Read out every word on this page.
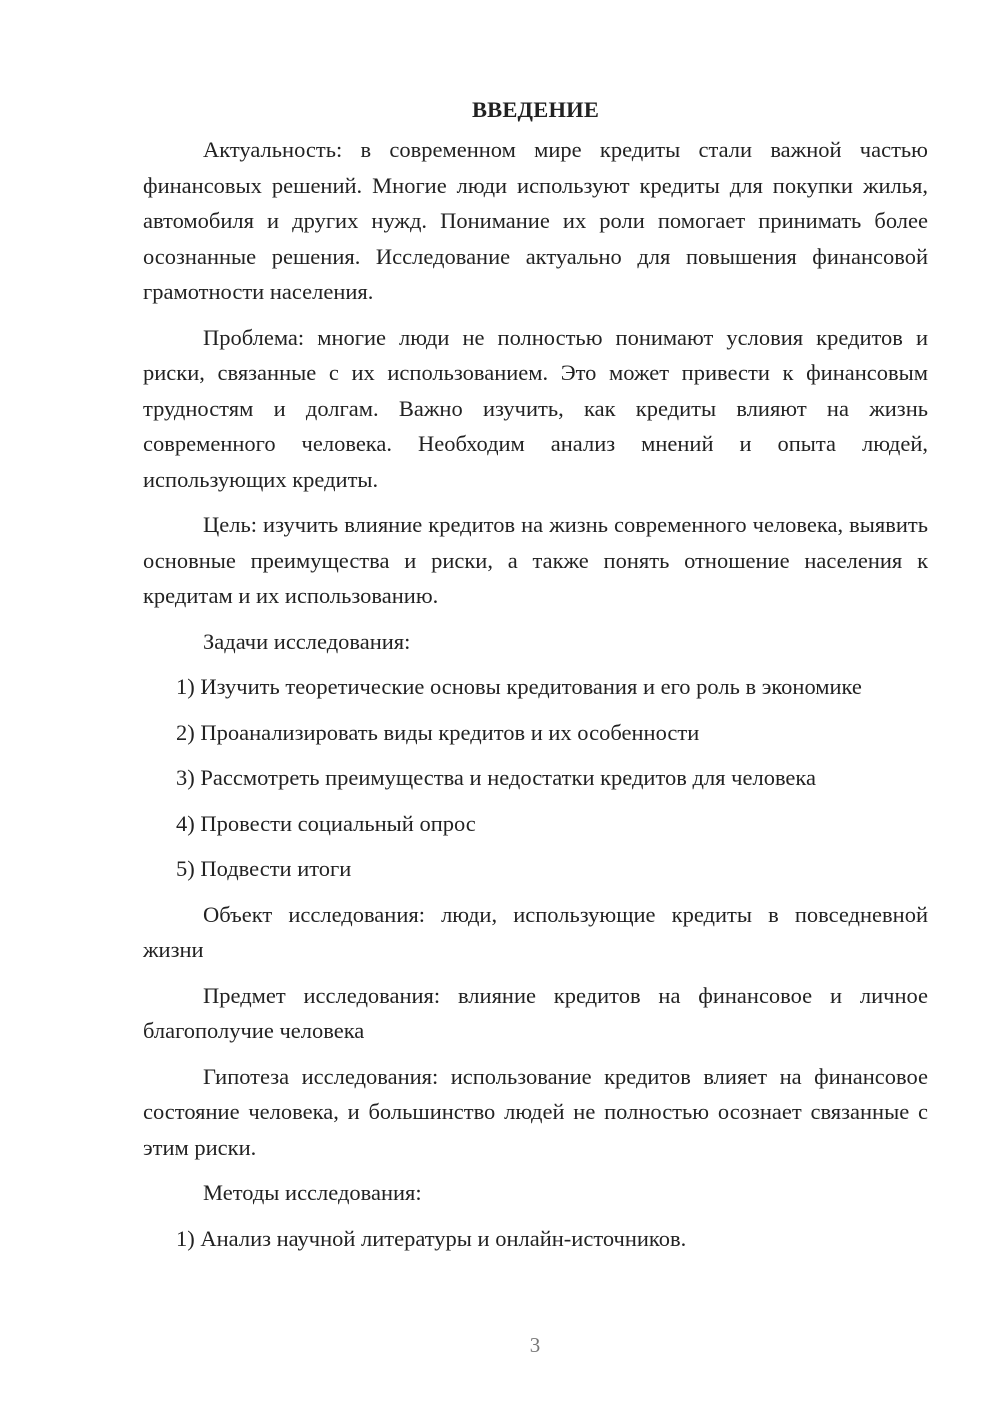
ВВЕДЕНИЕ

Актуальность: в современном мире кредиты стали важной частью финансовых решений. Многие люди используют кредиты для покупки жилья, автомобиля и других нужд. Понимание их роли помогает принимать более осознанные решения. Исследование актуально для повышения финансовой грамотности населения.

Проблема: многие люди не полностью понимают условия кредитов и риски, связанные с их использованием. Это может привести к финансовым трудностям и долгам. Важно изучить, как кредиты влияют на жизнь современного человека. Необходим анализ мнений и опыта людей, использующих кредиты.

Цель: изучить влияние кредитов на жизнь современного человека, выявить основные преимущества и риски, а также понять отношение населения к кредитам и их использованию.

Задачи исследования:

1) Изучить теоретические основы кредитования и его роль в экономике

2) Проанализировать виды кредитов и их особенности

3) Рассмотреть преимущества и недостатки кредитов для человека

4) Провести социальный опрос

5) Подвести итоги

Объект исследования: люди, использующие кредиты в повседневной жизни

Предмет исследования: влияние кредитов на финансовое и личное благополучие человека

Гипотеза исследования: использование кредитов влияет на финансовое состояние человека, и большинство людей не полностью осознает связанные с этим риски.

Методы исследования:

1) Анализ научной литературы и онлайн-источников.

3
